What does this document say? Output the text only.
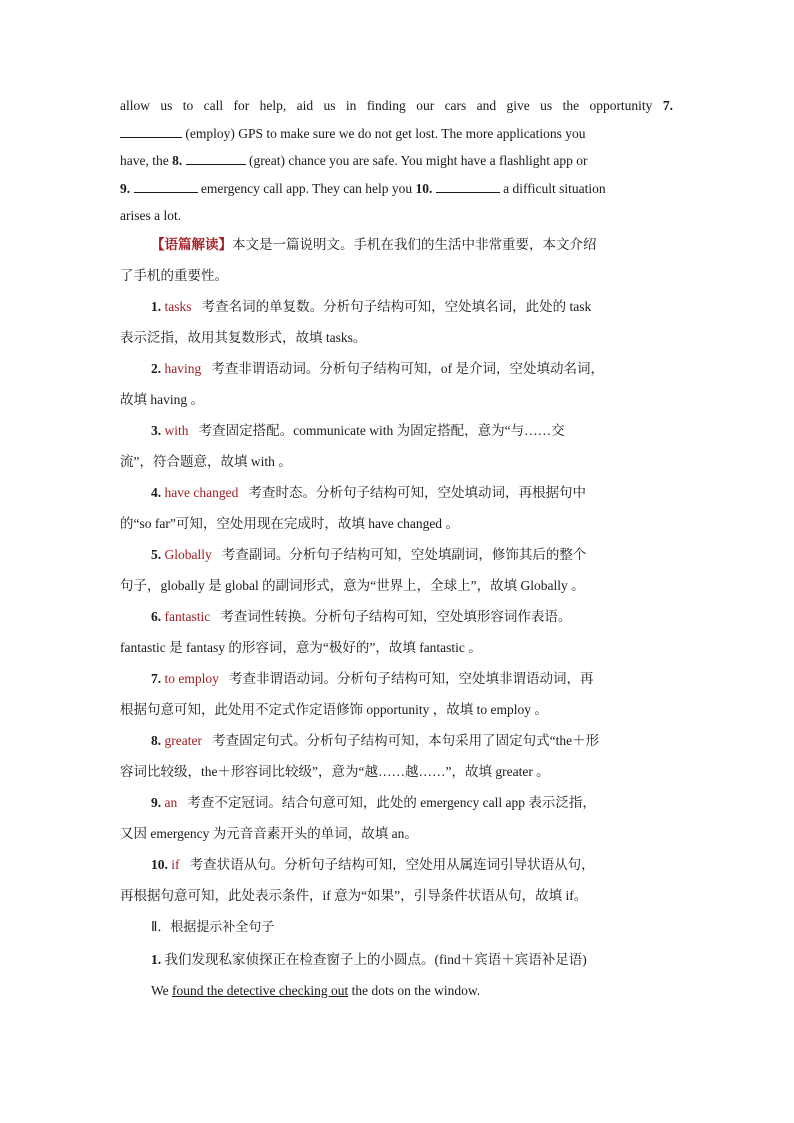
allow us to call for help, aid us in finding our cars and give us the opportunity 7.
(employ) GPS to make sure we do not get lost. The more applications you
have, the 8.	(great) chance you are safe. You might have a flashlight app or
9.	emergency call app. They can help you 10.	a difficult situation
arises a lot.
【语篇解读】本文是一篇说明文。手机在我们的生活中非常重要，本文介绍
了手机的重要性。
1. tasks 考查名词的单复数。分析句子结构可知，空处填名词，此处的 task
表示泛指，故用其复数形式，故填 tasks。
2. having 考查非谓语动词。分析句子结构可知，of 是介词，空处填动名词，
故填 having 。
3. with 考查固定搭配。communicate with 为固定搭配，意为“与……交
流”，符合题意，故填 with 。
4. have changed 考查时态。分析句子结构可知，空处填动词，再根据句中
的“so far”可知，空处用现在完成时，故填 have changed 。
5. Globally 考查副词。分析句子结构可知，空处填副词，修饰其后的整个
句子，globally 是 global 的副词形式，意为“世界上，全球上”，故填 Globally 。
6. fantastic 考查词性转换。分析句子结构可知，空处填形容词作表语。
fantastic 是 fantasy 的形容词，意为“极好的”，故填 fantastic 。
7. to employ 考查非谓语动词。分析句子结构可知，空处填非谓语动词，再
根据句意可知，此处用不定式作定语修饰 opportunity ，故填 to employ 。
8. greater 考查固定句式。分析句子结构可知，本句采用了固定句式“the＋形
容词比较级，the＋形容词比较级”，意为“越……越……”，故填 greater 。
9. an 考查不定冠词。结合句意可知，此处的 emergency call app 表示泛指，
又因 emergency 为元音音素开头的单词，故填 an。
10. if 考查状语从句。分析句子结构可知，空处用从属连词引导状语从句，
再根据句意可知，此处表示条件，if 意为“如果”，引导条件状语从句，故填 if。
Ⅱ．根据提示补全句子
1. 我们发现私家侦探正在检查窗子上的小圆点。(find＋宾语＋宾语补足语)
We found the detective checking out the dots on the window.
